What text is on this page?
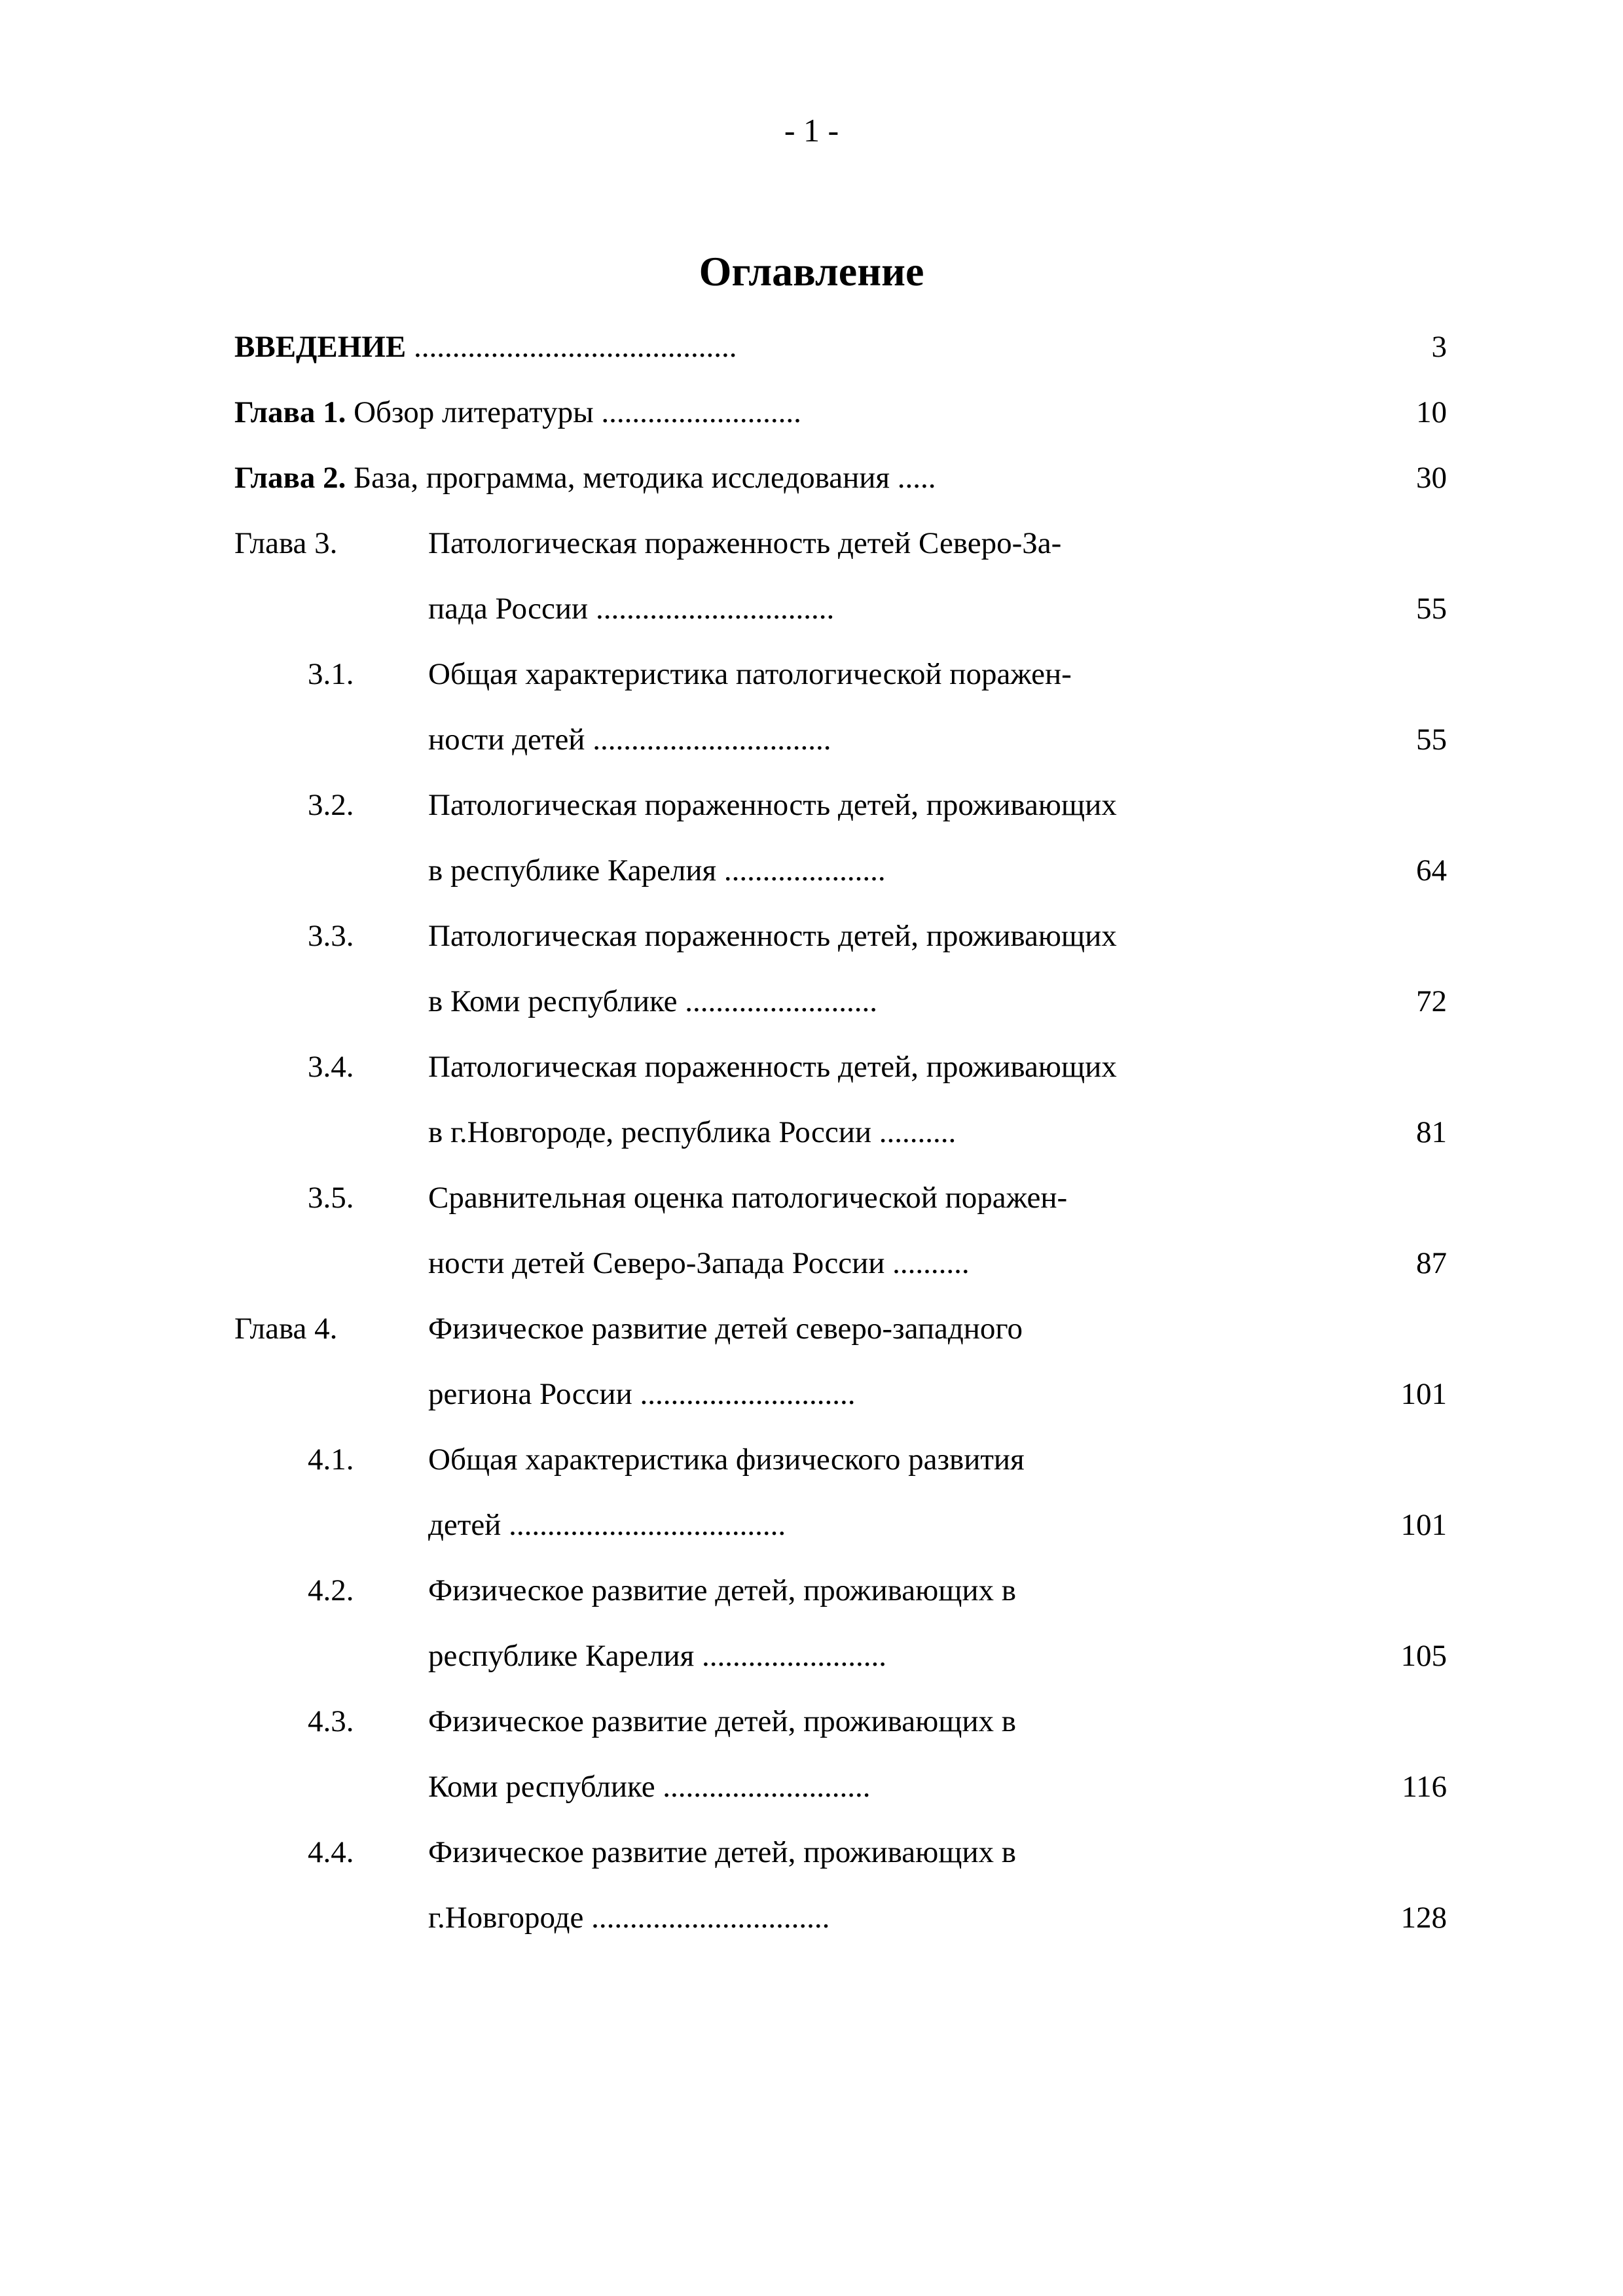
- 1 -
Оглавление
ВВЕДЕНИЕ ..........................................	3
Глава 1. Обзор литературы ..........................	10
Глава 2. База, программа, методика исследования .....	30
Глава 3.	Патологическая пораженность детей Северо-За-
пада России ...............................	55
3.1. Общая характеристика патологической поражен-
ности детей ...............................	55
3.2. Патологическая пораженность детей, проживающих
в республике Карелия .....................	64
3.3. Патологическая пораженность детей, проживающих
в Коми республике .........................	72
3.4. Патологическая пораженность детей, проживающих
в г.Новгороде, республика России ..........	81
3.5. Сравнительная оценка патологической поражен-
ности детей Северо-Запада России ..........	87
Глава 4.	Физическое развитие детей северо-западного
региона России ............................	101
4.1. Общая характеристика физического развития
детей ....................................	101
4.2. Физическое развитие детей, проживающих в
республике Карелия ........................	105
4.3. Физическое развитие детей, проживающих в
Коми республике ...........................	116
4.4. Физическое развитие детей, проживающих в
г.Новгороде ...............................	128
